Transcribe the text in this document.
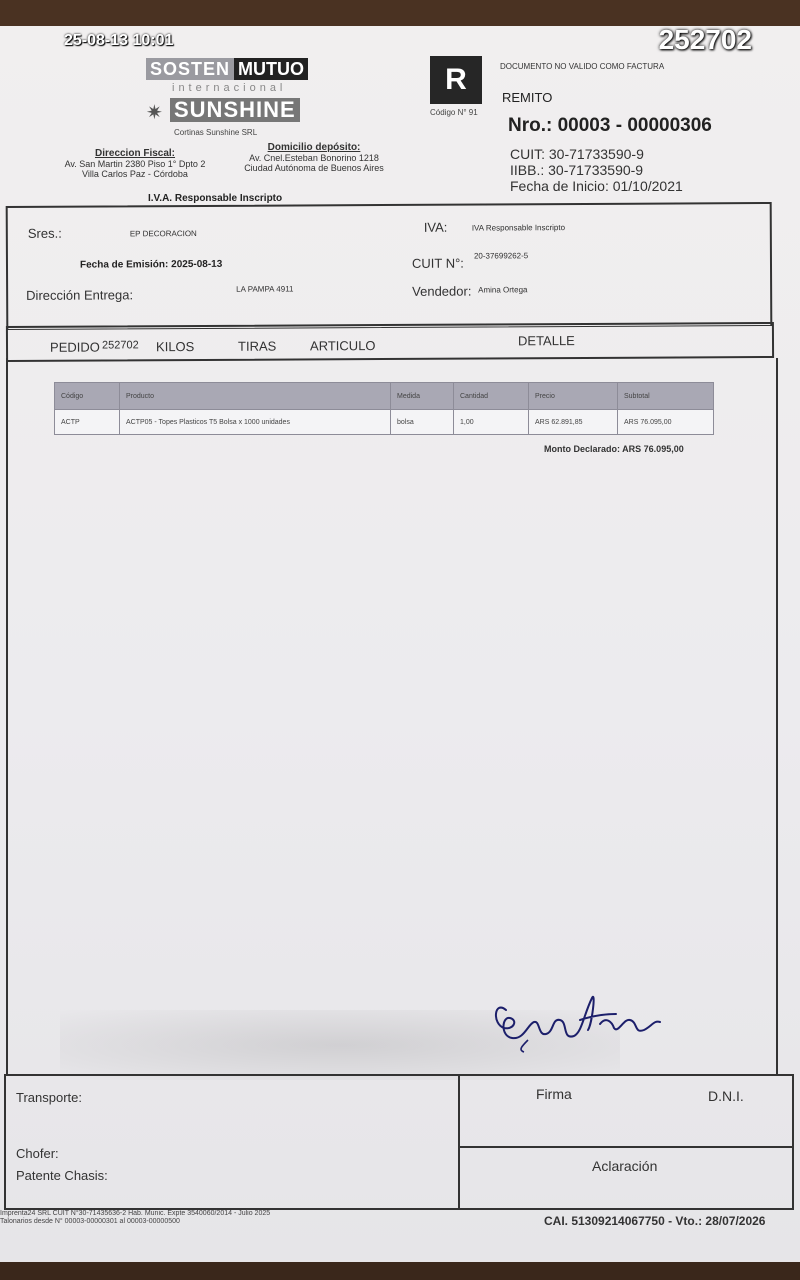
25-08-13 10:01	252702
SOSTEN MUTUO
internacional
✷ SUNSHINE
Cortinas Sunshine SRL
Direccion Fiscal:
Av. San Martin 2380 Piso 1° Dpto 2
Villa Carlos Paz - Córdoba
Domicilio depósito:
Av. Cnel.Esteban Bonorino 1218
Ciudad Autónoma de Buenos Aires
I.V.A. Responsable Inscripto
R
Código N° 91
DOCUMENTO NO VALIDO COMO FACTURA
REMITO
Nro.: 00003 - 00000306
CUIT: 30-71733590-9
IIBB.: 30-71733590-9
Fecha de Inicio: 01/10/2021
Sres.:	EP DECORACION	IVA:	IVA Responsable Inscripto
Fecha de Emisión: 2025-08-13	CUIT N°: 20-37699262-5
Dirección Entrega:	LA PAMPA 4911	Vendedor: Amina Ortega
PEDIDO 252702 KILOS	TIRAS	ARTICULO	DETALLE
Código	Producto	Medida	Cantidad	Precio	Subtotal
ACTP	ACTP05 - Topes Plasticos T5 Bolsa x 1000 unidades	bolsa	1,00	ARS 62.891,85	ARS 76.095,00
Monto Declarado: ARS 76.095,00
Transporte:
Chofer:
Patente Chasis:
Firma	D.N.I.
Aclaración
Imprenta24 SRL CUIT N°30-71435636-2 Hab. Munic. Expte 3540060/2014 - Julio 2025
Talonarios desde N° 00003-00000301 al 00003-00000500	CAI. 51309214067750 - Vto.: 28/07/2026
